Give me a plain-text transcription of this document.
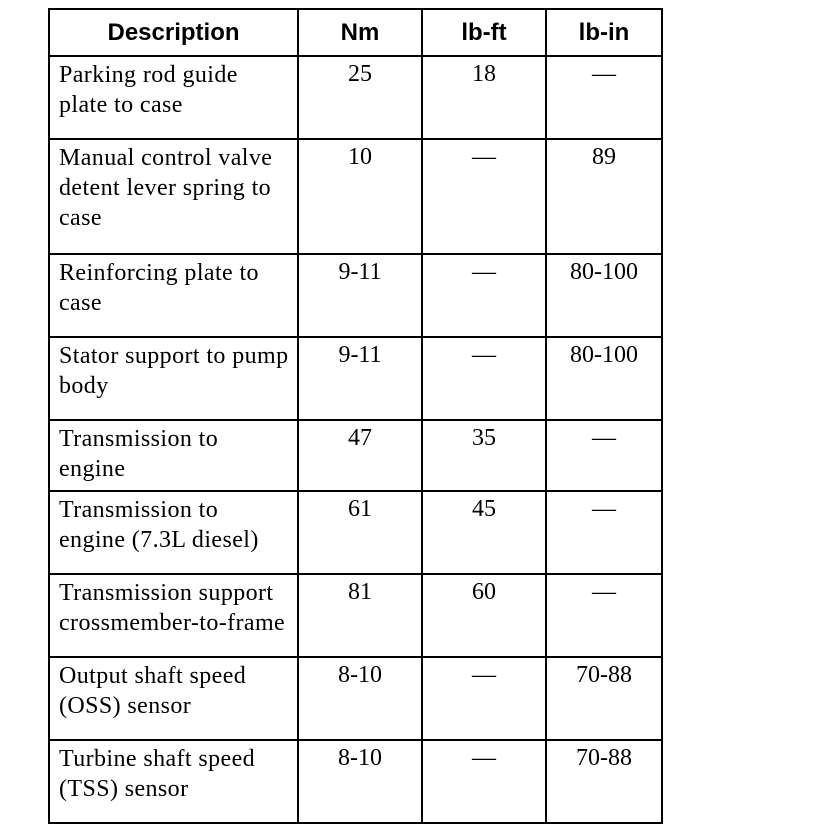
Description	Nm	lb-ft	lb-in
Parking rod guide plate to case	25	18	—
Manual control valve detent lever spring to case	10	—	89
Reinforcing plate to case	9-11	—	80-100
Stator support to pump body	9-11	—	80-100
Transmission to engine	47	35	—
Transmission to engine (7.3L diesel)	61	45	—
Transmission support crossmember-to-frame	81	60	—
Output shaft speed (OSS) sensor	8-10	—	70-88
Turbine shaft speed (TSS) sensor	8-10	—	70-88
